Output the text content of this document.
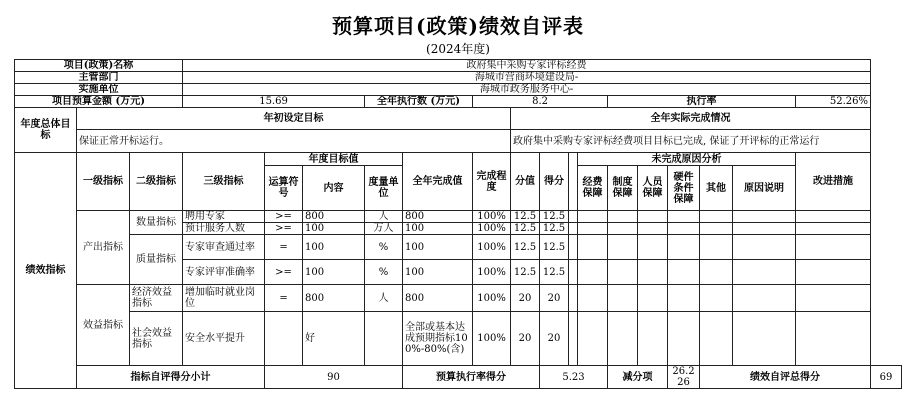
预算项目(政策)绩效自评表
(2024年度)
项目(政策)名称			政府集中采购专家评标经费																
主管部门			海城市营商环境建设局-																
实施单位			海城市政务服务中心-																
项目预算金额 (万元)			15.69			全年执行数 (万元)		8.2					执行率					52.26%	
年度总体目标	年初设定目标								全年实际完成情况										
	保证正常开标运行。								政府集中采购专家评标经费项目目标已完成, 保证了开评标的正常运行										
绩效指标	一级指标	二级指标	三级指标	年度目标值			全年完成值	完成程度	分值	得分		未完成原因分析						改进措施	
				运算符号	内容	度量单位						经费保障	制度保障	人员保障	硬件条件保障	其他	原因说明		

	产出指标	数量指标	聘用专家	>=	800	人	800	100%	12.5	12.5									
			预计服务人数	>=	100	万人	100	100%	12.5	12.5									
		质量指标	专家审查通过率	=	100	%	100	100%	12.5	12.5									
			专家评审准确率	>=	100	%	100	100%	12.5	12.5									
	效益指标	经济效益指标	增加临时就业岗位	=	800	人	800	100%	20	20									
		社会效益指标	安全水平提升		好		全部或基本达成预期指标100%-80%(含)	100%	20	20									
	指标自评得分小计			90			预算执行率得分			5.23			减分项		26.226	绩效自评总得分			69
